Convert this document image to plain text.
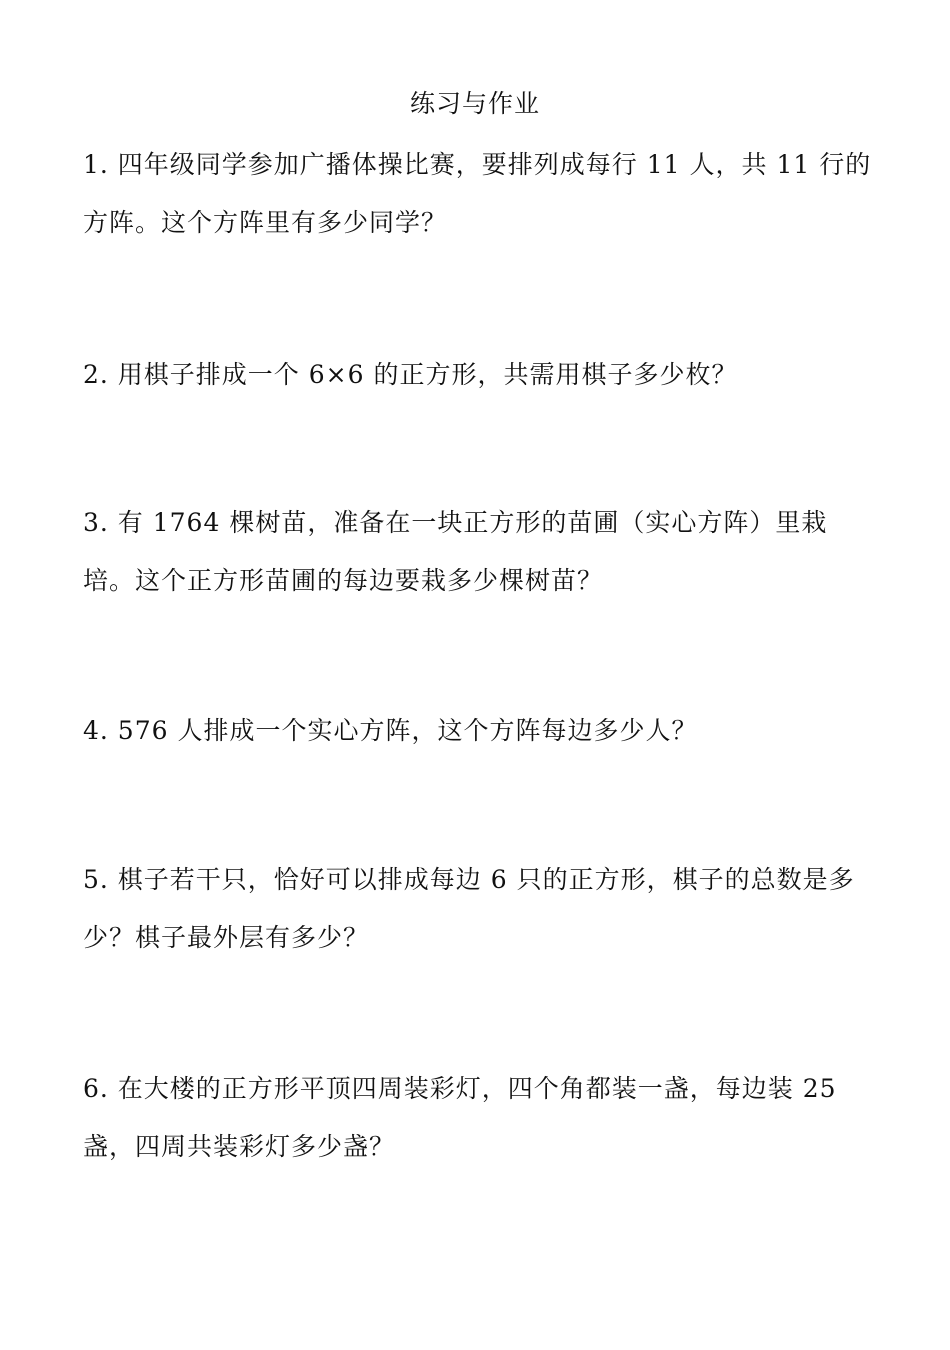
练习与作业
1. 四年级同学参加广播体操比赛，要排列成每行 11 人，共 11 行的方阵。这个方阵里有多少同学？
2. 用棋子排成一个 6×6 的正方形，共需用棋子多少枚？
3. 有 1764 棵树苗，准备在一块正方形的苗圃（实心方阵）里栽培。这个正方形苗圃的每边要栽多少棵树苗？
4. 576 人排成一个实心方阵，这个方阵每边多少人？
5. 棋子若干只，恰好可以排成每边 6 只的正方形，棋子的总数是多少？棋子最外层有多少？
6. 在大楼的正方形平顶四周装彩灯，四个角都装一盏，每边装 25 盏，四周共装彩灯多少盏？
